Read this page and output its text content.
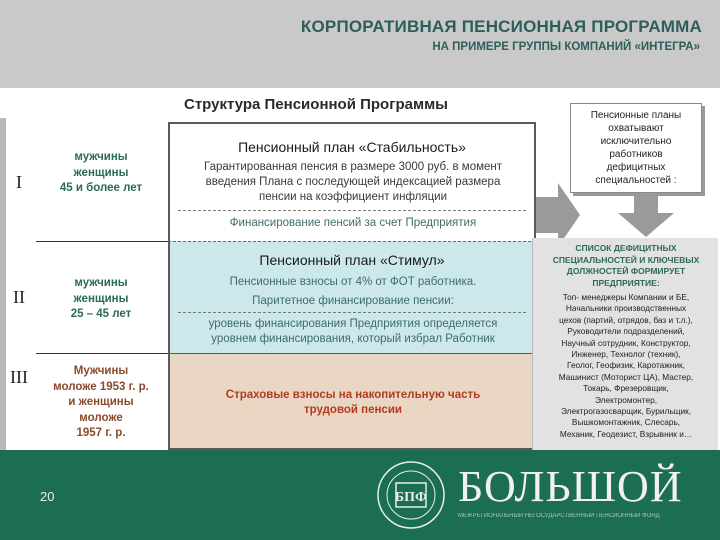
КОРПОРАТИВНАЯ ПЕНСИОННАЯ ПРОГРАММА
НА ПРИМЕРЕ ГРУППЫ КОМПАНИЙ «ИНТЕГРА»
Структура Пенсионной Программы
I
II
III
мужчины
женщины
45 и более лет
мужчины
женщины
25 – 45 лет
Мужчины
моложе 1953 г. р.
и женщины
моложе
1957 г. р.
Пенсионный план «Стабильность»
Гарантированная пенсия в размере 3000 руб. в момент
введения Плана с последующей индексацией размера
пенсии на коэффициент инфляции
Финансирование пенсий за счет Предприятия
Пенсионный план «Стимул»
Пенсионные взносы от 4% от ФОТ работника.
Паритетное финансирование пенсии:
уровень финансирования Предприятия определяется
уровнем финансирования, который избрал Работник
Страховые взносы на накопительную часть
трудовой пенсии
Пенсионные планы
охватывают
исключительно
работников
дефицитных
специальностей :
СПИСОК ДЕФИЦИТНЫХ
СПЕЦИАЛЬНОСТЕЙ И КЛЮЧЕВЫХ
ДОЛЖНОСТЕЙ ФОРМИРУЕТ
ПРЕДПРИЯТИЕ:
Топ- менеджеры Компании и БЕ,
Начальники производственных
цехов (партий, отрядов, баз и т.л.),
Руководители подразделений,
Научный сотрудник, Конструктор,
Инженер, Технолог (техник),
Геолог, Геофизик, Каротажник,
Машинист (Моторист ЦА), Мастер,
Токарь, Фрезеровщик,
Электромонтер,
Электрогазосварщик, Бурильщик,
Вышкомонтажник, Слесарь,
Механик, Геодезист, Взрывник и…
20	БПФ БОЛЬШОЙ
МЕЖРЕГИОНАЛЬНЫЙ НЕГОСУДАРСТВЕННЫЙ ПЕНСИОННЫЙ ФОНД
